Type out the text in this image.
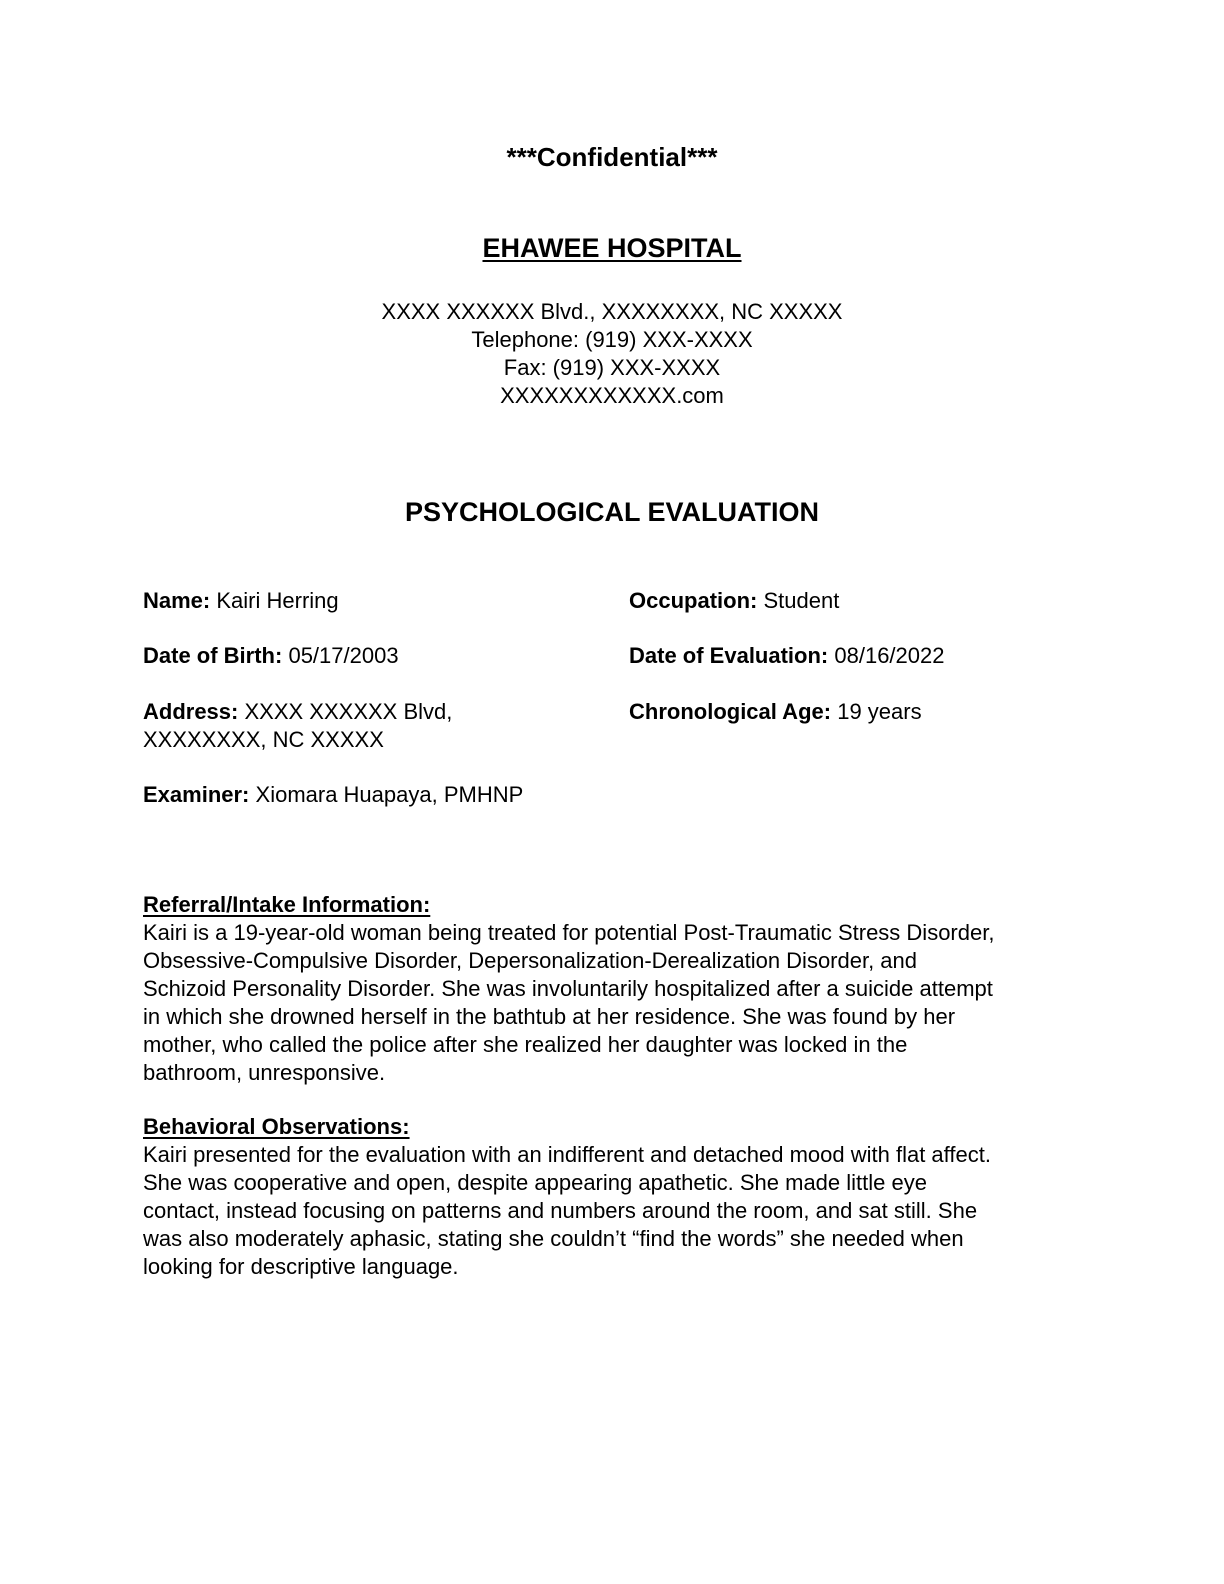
***Confidential***
EHAWEE HOSPITAL
XXXX XXXXXX Blvd., XXXXXXXX, NC XXXXX
Telephone: (919) XXX-XXXX
Fax: (919) XXX-XXXX
XXXXXXXXXXXX.com
PSYCHOLOGICAL EVALUATION
Name: Kairi Herring	Occupation: Student
Date of Birth: 05/17/2003	Date of Evaluation: 08/16/2022
Address: XXXX XXXXXX Blvd,
XXXXXXXX, NC XXXXX
Chronological Age: 19 years
Examiner: Xiomara Huapaya, PMHNP
Referral/Intake Information:
Kairi is a 19-year-old woman being treated for potential Post-Traumatic Stress Disorder,
Obsessive-Compulsive Disorder, Depersonalization-Derealization Disorder, and
Schizoid Personality Disorder. She was involuntarily hospitalized after a suicide attempt
in which she drowned herself in the bathtub at her residence. She was found by her
mother, who called the police after she realized her daughter was locked in the
bathroom, unresponsive.
Behavioral Observations:
Kairi presented for the evaluation with an indifferent and detached mood with flat affect.
She was cooperative and open, despite appearing apathetic. She made little eye
contact, instead focusing on patterns and numbers around the room, and sat still. She
was also moderately aphasic, stating she couldn’t “find the words” she needed when
looking for descriptive language.
